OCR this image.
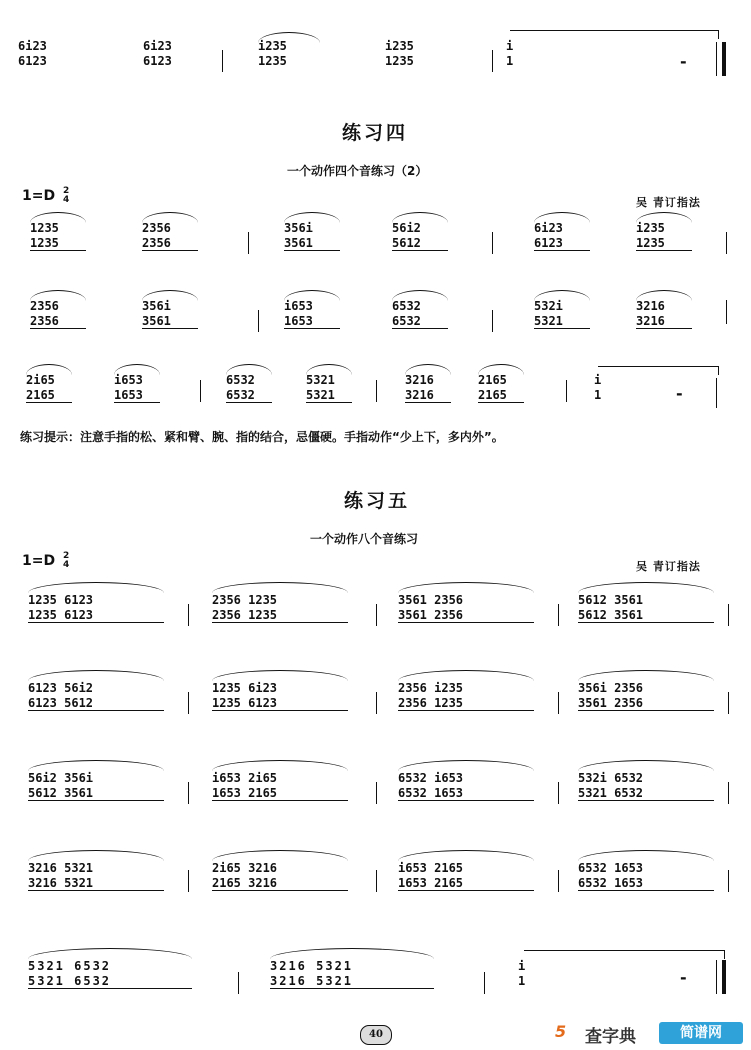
6i23
6123
6i23
6123
i235
1235
i235
1235
i
1	-
练习四
一个动作四个音练习（2）
1=D 2
4	吴 青订指法
1235
1235
2356
2356
356i
3561
56i2
5612
6i23
6123
i235
1235
2356
2356
356i
3561
i653
1653
6532
6532
532i
5321
3216
3216
2i65
2165
i653
1653
6532
6532
5321
5321
3216
3216
2165
2165
i
1	-
练习提示：注意手指的松、紧和臂、腕、指的结合，忌僵硬。手指动作“少上下，多内外”。
练习五
一个动作八个音练习
1=D 2
4	吴 青订指法
1235 6123
1235 6123
2356 1235
2356 1235
3561 2356
3561 2356
5612 3561
5612 3561
6123 56i2
6123 5612
1235 6i23
1235 6123
2356 i235
2356 1235
356i 2356
3561 2356
56i2 356i
5612 3561
i653 2i65
1653 2165
6532 i653
6532 1653
532i 6532
5321 6532
3216 5321
3216 5321
2i65 3216
2165 3216
i653 2165
1653 2165
6532 1653
6532 1653
5321 6532
5321 6532
3216 5321
3216 5321
i
1	-
40	5 查字典	简谱网
